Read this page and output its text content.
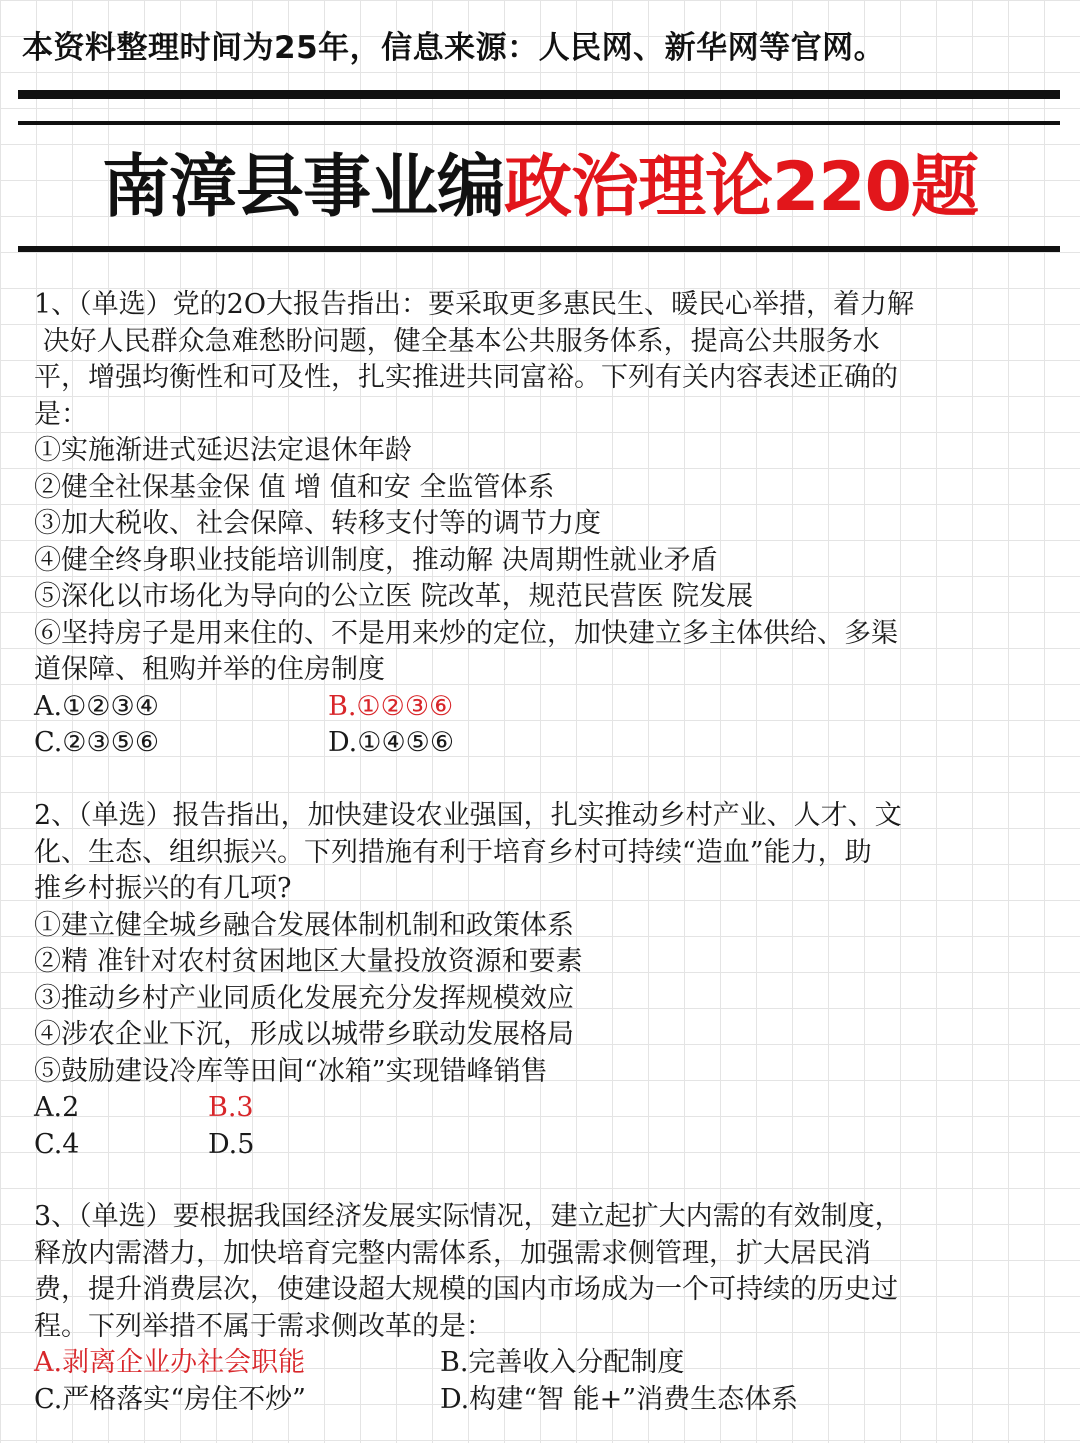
本资料整理时间为25年，信息来源：人民网、新华网等官网。
南漳县事业编政治理论220题

1、（单选）党的2O大报告指出：要采取更多惠民生、暖民心举措，着力解

决好人民群众急难愁盼问题，健全基本公共服务体系，提高公共服务水

平，增强均衡性和可及性，扎实推进共同富裕。下列有关内容表述正确的

是：

①实施渐进式延迟法定退休年龄

②健全社保基金保 值 增 值和安 全监管体系

③加大税收、社会保障、转移支付等的调节力度

④健全终身职业技能培训制度，推动解 决周期性就业矛盾

⑤深化以市场化为导向的公立医 院改革，规范民营医 院发展

⑥坚持房子是用来住的、不是用来炒的定位，加快建立多主体供给、多渠

道保障、租购并举的住房制度

A.①②③④	B.①②③⑥
C.②③⑤⑥	D.①④⑤⑥

2、（单选）报告指出，加快建设农业强国，扎实推动乡村产业、人才、文

化、生态、组织振兴。下列措施有利于培育乡村可持续“造血”能力，助

推乡村振兴的有几项?

①建立健全城乡融合发展体制机制和政策体系

②精 准针对农村贫困地区大量投放资源和要素

③推动乡村产业同质化发展充分发挥规模效应

④涉农企业下沉，形成以城带乡联动发展格局

⑤鼓励建设冷库等田间“冰箱”实现错峰销售

A.2	B.3
C.4	D.5

3、（单选）要根据我国经济发展实际情况，建立起扩大内需的有效制度，

释放内需潜力，加快培育完整内需体系，加强需求侧管理，扩大居民消

费，提升消费层次，使建设超大规模的国内市场成为一个可持续的历史过

程。下列举措不属于需求侧改革的是：

A.剥离企业办社会职能	B.完善收入分配制度
C.严格落实“房住不炒”	D.构建“智 能+”消费生态体系
